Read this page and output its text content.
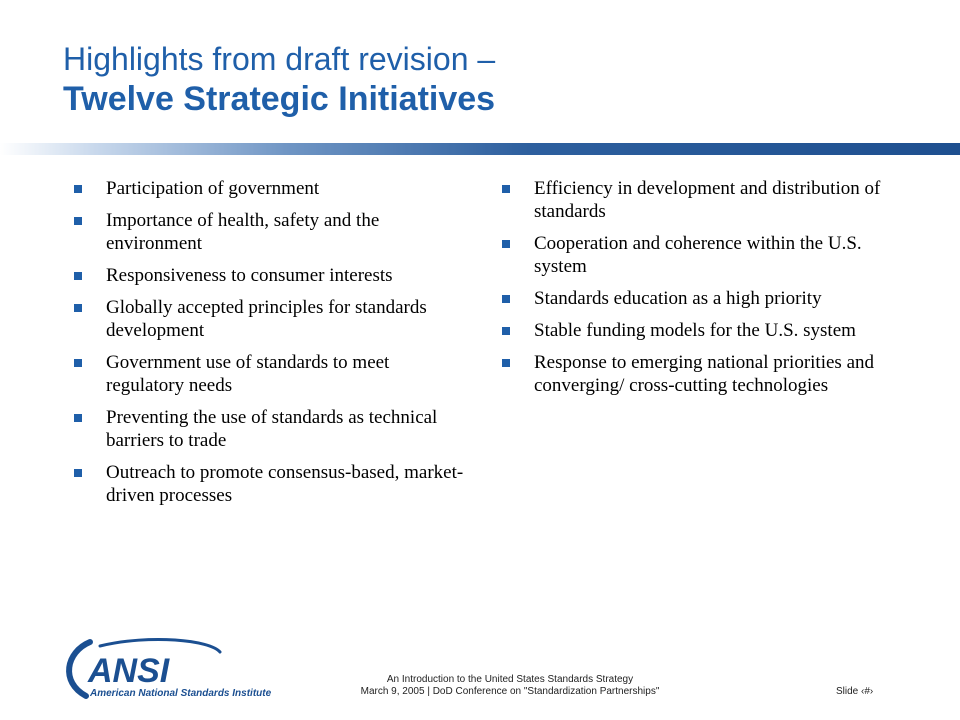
Highlights from draft revision –
Twelve Strategic Initiatives
Participation of government
Importance of health, safety and the environment
Responsiveness to consumer interests
Globally accepted principles for standards development
Government use of standards to meet regulatory needs
Preventing the use of standards as technical barriers to trade
Outreach to promote consensus-based, market-driven processes
Efficiency in development and distribution of standards
Cooperation and coherence within the U.S. system
Standards education as a high priority
Stable funding models for the U.S. system
Response to emerging national priorities and converging/ cross-cutting technologies
ANSI
American National Standards Institute
An Introduction to the United States Standards Strategy
March 9, 2005 | DoD Conference on "Standardization Partnerships"	Slide ‹#›
